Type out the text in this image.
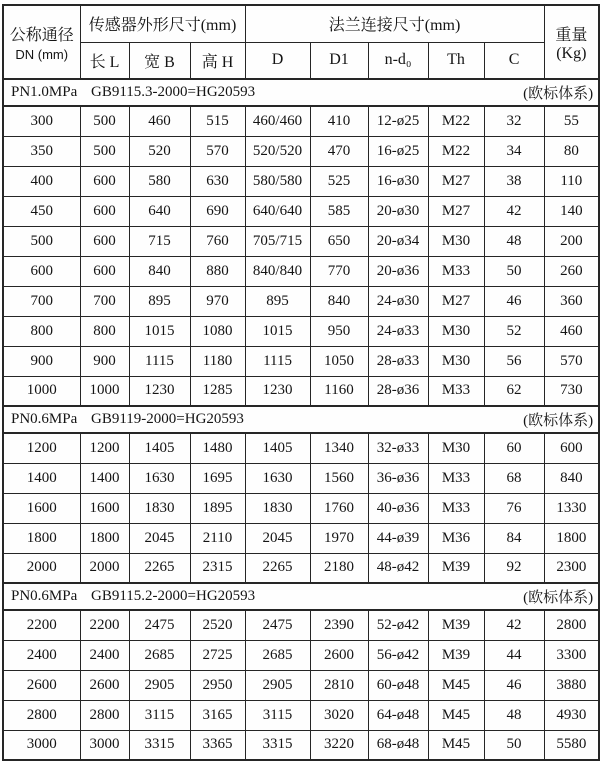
公称通径
DN (mm)
	传感器外形尺寸(mm)	法兰连接尺寸(mm)	
重量
(Kg)

	长 L	宽 B	高 H	D	D1	n-d₀	Th	C	

PN1.0MPa GB9115.3-2000=HG20593 (欧标体系)									

300	500	460	515	460/460	410	12-ø25	M22	32	55
350	500	520	570	520/520	470	16-ø25	M22	34	80
400	600	580	630	580/580	525	16-ø30	M27	38	110
450	600	640	690	640/640	585	20-ø30	M27	42	140
500	600	715	760	705/715	650	20-ø34	M30	48	200
600	600	840	880	840/840	770	20-ø36	M33	50	260
700	700	895	970	895	840	24-ø30	M27	46	360
800	800	1015	1080	1015	950	24-ø33	M30	52	460
900	900	1115	1180	1115	1050	28-ø33	M30	56	570
1000	1000	1230	1285	1230	1160	28-ø36	M33	62	730

PN0.6MPa GB9119-2000=HG20593 (欧标体系)									

1200	1200	1405	1480	1405	1340	32-ø33	M30	60	600
1400	1400	1630	1695	1630	1560	36-ø36	M33	68	840
1600	1600	1830	1895	1830	1760	40-ø36	M33	76	1330
1800	1800	2045	2110	2045	1970	44-ø39	M36	84	1800
2000	2000	2265	2315	2265	2180	48-ø42	M39	92	2300

PN0.6MPa GB9115.2-2000=HG20593 (欧标体系)									

2200	2200	2475	2520	2475	2390	52-ø42	M39	42	2800
2400	2400	2685	2725	2685	2600	56-ø42	M39	44	3300
2600	2600	2905	2950	2905	2810	60-ø48	M45	46	3880
2800	2800	3115	3165	3115	3020	64-ø48	M45	48	4930
3000	3000	3315	3365	3315	3220	68-ø48	M45	50	5580
